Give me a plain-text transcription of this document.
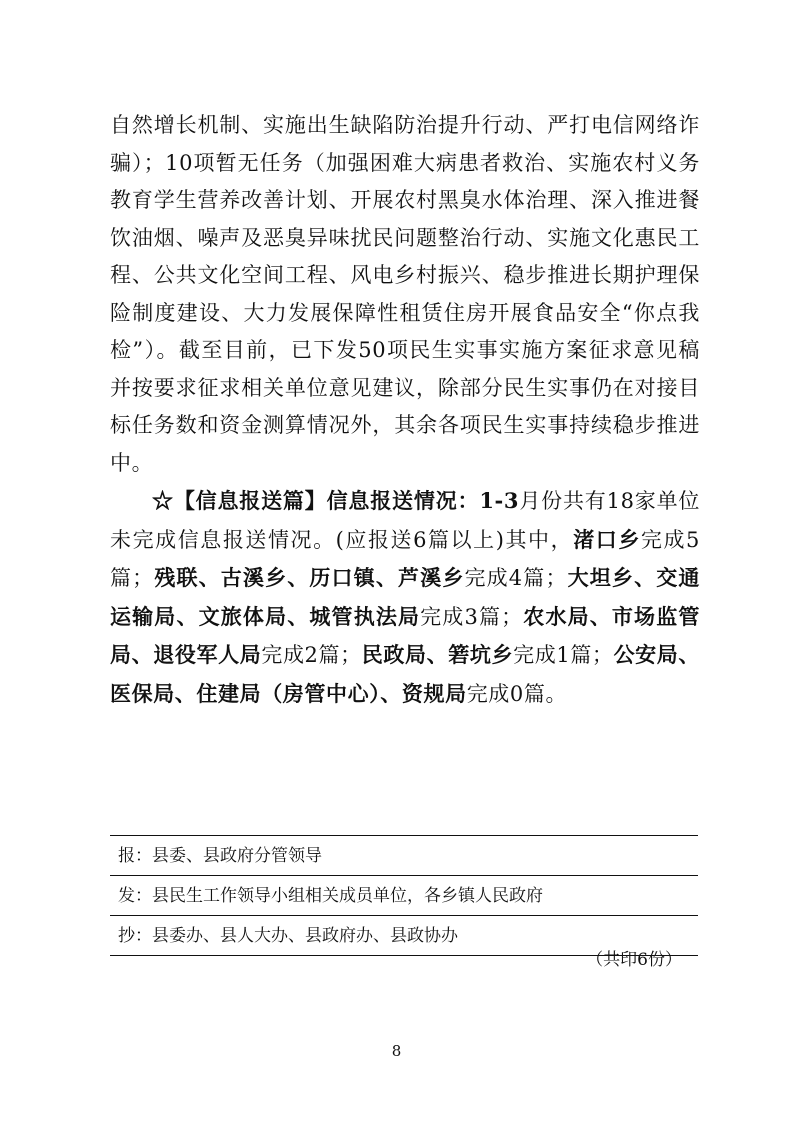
自然增长机制、实施出生缺陷防治提升行动、严打电信网络诈骗）；10项暂无任务（加强困难大病患者救治、实施农村义务教育学生营养改善计划、开展农村黑臭水体治理、深入推进餐饮油烟、噪声及恶臭异味扰民问题整治行动、实施文化惠民工程、公共文化空间工程、风电乡村振兴、稳步推进长期护理保险制度建设、大力发展保障性租赁住房开展食品安全“你点我检”）。截至目前，已下发50项民生实事实施方案征求意见稿并按要求征求相关单位意见建议，除部分民生实事仍在对接目标任务数和资金测算情况外，其余各项民生实事持续稳步推进中。

☆【信息报送篇】信息报送情况：1-3月份共有18家单位未完成信息报送情况。(应报送6篇以上)其中，渚口乡完成5篇；残联、古溪乡、历口镇、芦溪乡完成4篇；大坦乡、交通运输局、文旅体局、城管执法局完成3篇；农水局、市场监管局、退役军人局完成2篇；民政局、箬坑乡完成1篇；公安局、医保局、住建局（房管中心）、资规局完成0篇。

报：县委、县政府分管领导
发：县民生工作领导小组相关成员单位，各乡镇人民政府
抄：县委办、县人大办、县政府办、县政协办
（共印6份）
8
